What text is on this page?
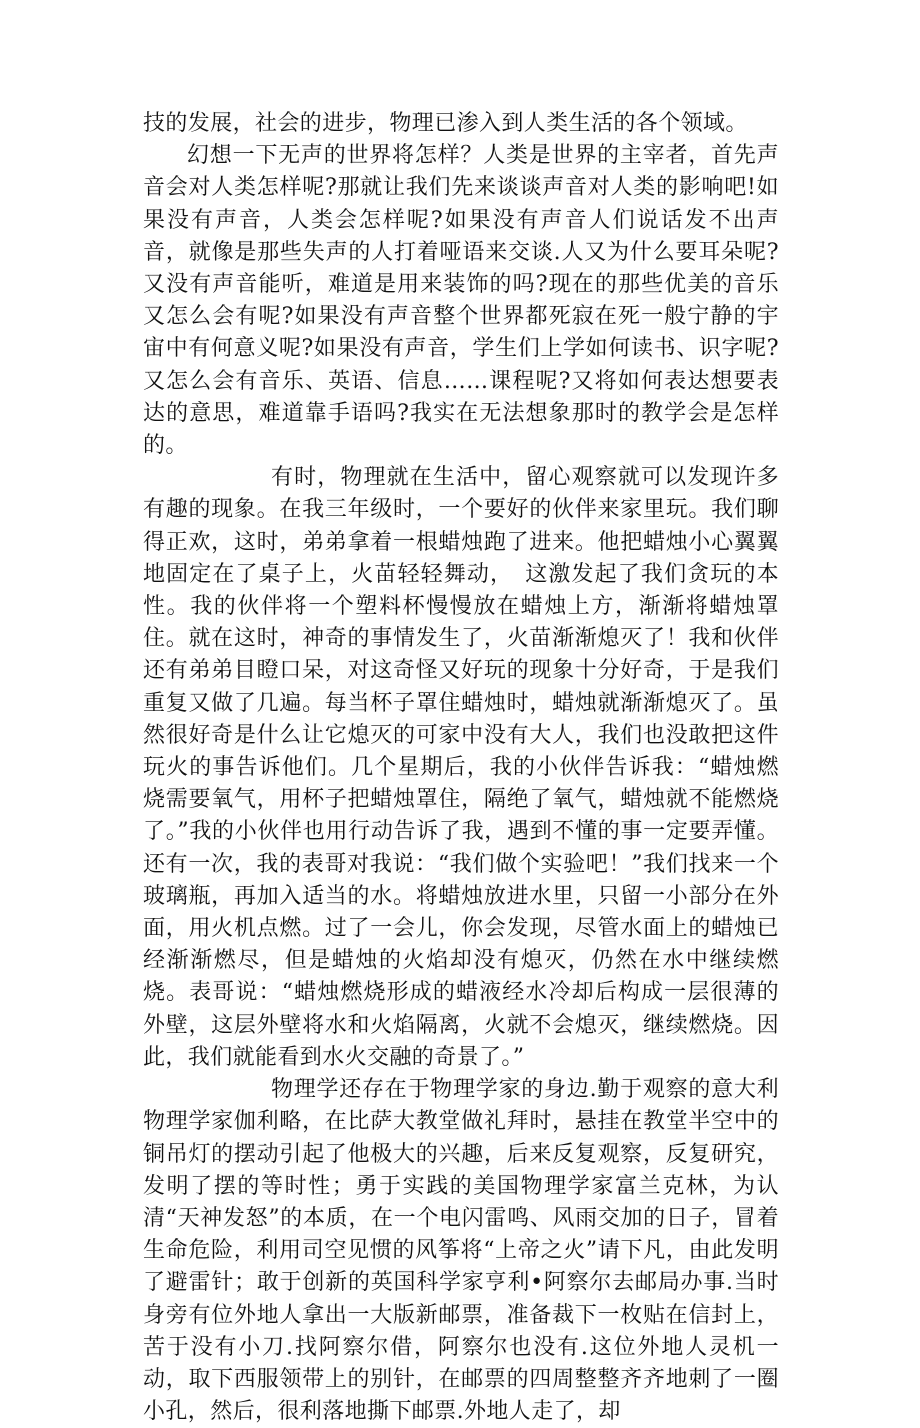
技的发展，社会的进步，物理已渗入到人类生活的各个领域。

幻想一下无声的世界将怎样？人类是世界的主宰者，首先声音会对人类怎样呢?那就让我们先来谈谈声音对人类的影响吧!如果没有声音，人类会怎样呢?如果没有声音人们说话发不出声音，就像是那些失声的人打着哑语来交谈.人又为什么要耳朵呢?又没有声音能听，难道是用来装饰的吗?现在的那些优美的音乐又怎么会有呢?如果没有声音整个世界都死寂在死一般宁静的宇宙中有何意义呢?如果没有声音，学生们上学如何读书、识字呢?又怎么会有音乐、英语、信息……课程呢?又将如何表达想要表达的意思，难道靠手语吗?我实在无法想象那时的教学会是怎样的。

有时，物理就在生活中，留心观察就可以发现许多有趣的现象。在我三年级时，一个要好的伙伴来家里玩。我们聊得正欢，这时，弟弟拿着一根蜡烛跑了进来。他把蜡烛小心翼翼地固定在了桌子上，火苗轻轻舞动，　这激发起了我们贪玩的本性。我的伙伴将一个塑料杯慢慢放在蜡烛上方，渐渐将蜡烛罩住。就在这时，神奇的事情发生了，火苗渐渐熄灭了！我和伙伴还有弟弟目瞪口呆，对这奇怪又好玩的现象十分好奇，于是我们重复又做了几遍。每当杯子罩住蜡烛时，蜡烛就渐渐熄灭了。虽然很好奇是什么让它熄灭的可家中没有大人，我们也没敢把这件玩火的事告诉他们。几个星期后，我的小伙伴告诉我：“蜡烛燃烧需要氧气，用杯子把蜡烛罩住，隔绝了氧气，蜡烛就不能燃烧了。”我的小伙伴也用行动告诉了我，遇到不懂的事一定要弄懂。还有一次，我的表哥对我说：“我们做个实验吧！”我们找来一个玻璃瓶，再加入适当的水。将蜡烛放进水里，只留一小部分在外面，用火机点燃。过了一会儿，你会发现，尽管水面上的蜡烛已经渐渐燃尽，但是蜡烛的火焰却没有熄灭，仍然在水中继续燃烧。表哥说：“蜡烛燃烧形成的蜡液经水冷却后构成一层很薄的外壁，这层外壁将水和火焰隔离，火就不会熄灭，继续燃烧。因此，我们就能看到水火交融的奇景了。”

物理学还存在于物理学家的身边.勤于观察的意大利物理学家伽利略，在比萨大教堂做礼拜时，悬挂在教堂半空中的铜吊灯的摆动引起了他极大的兴趣，后来反复观察，反复研究，发明了摆的等时性；勇于实践的美国物理学家富兰克林，为认清“天神发怒”的本质，在一个电闪雷鸣、风雨交加的日子，冒着生命危险，利用司空见惯的风筝将“上帝之火”请下凡，由此发明了避雷针；敢于创新的英国科学家亨利•阿察尔去邮局办事.当时身旁有位外地人拿出一大版新邮票，准备裁下一枚贴在信封上，苦于没有小刀.找阿察尔借，阿察尔也没有.这位外地人灵机一动，取下西服领带上的别针，在邮票的四周整整齐齐地刺了一圈小孔，然后，很利落地撕下邮票.外地人走了，却
